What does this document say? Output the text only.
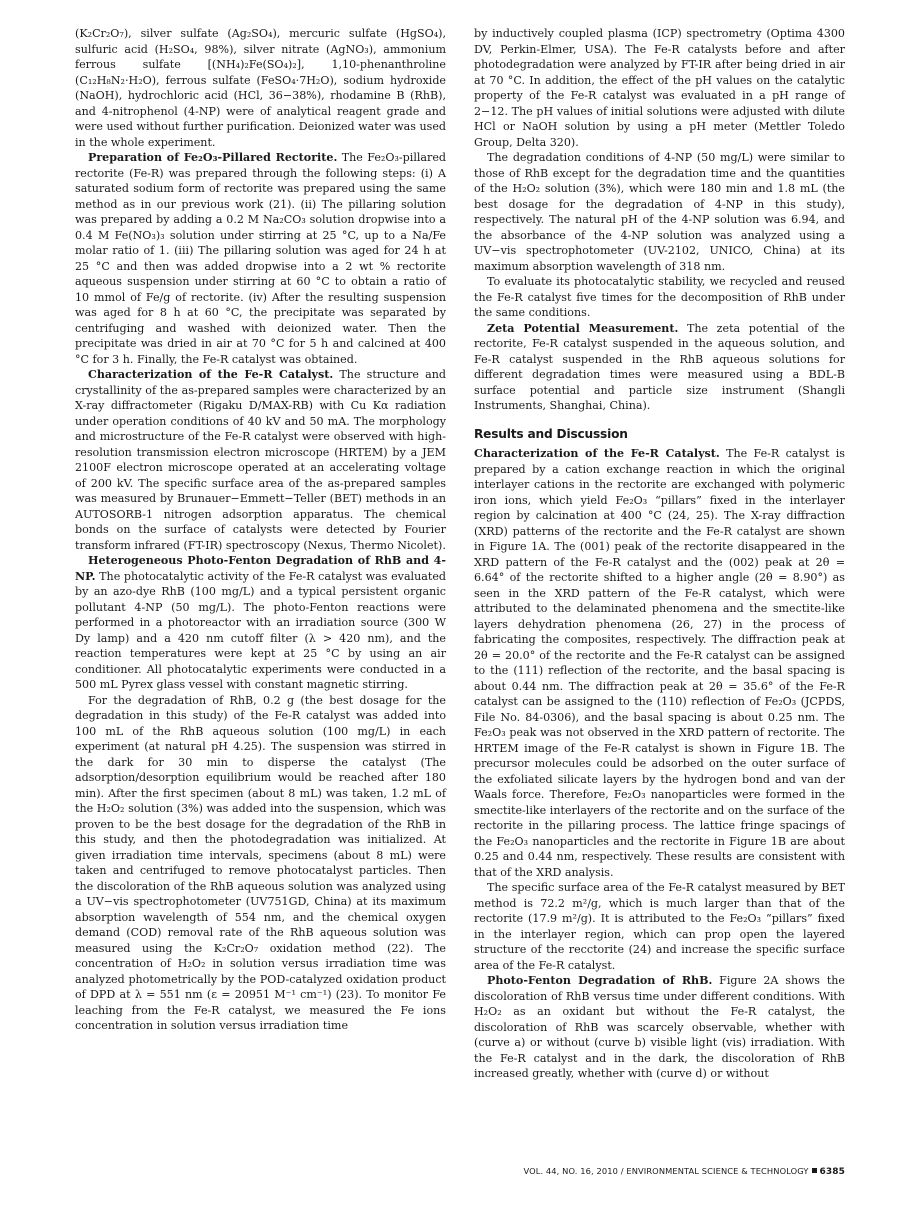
(K₂Cr₂O₇), silver sulfate (Ag₂SO₄), mercuric sulfate (HgSO₄), sulfuric acid (H₂SO₄, 98%), silver nitrate (AgNO₃), ammonium ferrous sulfate [(NH₄)₂Fe(SO₄)₂], 1,10-phenanthroline (C₁₂H₈N₂·H₂O), ferrous sulfate (FeSO₄·7H₂O), sodium hydroxide (NaOH), hydrochloric acid (HCl, 36−38%), rhodamine B (RhB), and 4-nitrophenol (4-NP) were of analytical reagent grade and were used without further purification. Deionized water was used in the whole experiment.

Preparation of Fe₂O₃-Pillared Rectorite. The Fe₂O₃-pillared rectorite (Fe-R) was prepared through the following steps: (i) A saturated sodium form of rectorite was prepared using the same method as in our previous work (21). (ii) The pillaring solution was prepared by adding a 0.2 M Na₂CO₃ solution dropwise into a 0.4 M Fe(NO₃)₃ solution under stirring at 25 °C, up to a Na/Fe molar ratio of 1. (iii) The pillaring solution was aged for 24 h at 25 °C and then was added dropwise into a 2 wt % rectorite aqueous suspension under stirring at 60 °C to obtain a ratio of 10 mmol of Fe/g of rectorite. (iv) After the resulting suspension was aged for 8 h at 60 °C, the precipitate was separated by centrifuging and washed with deionized water. Then the precipitate was dried in air at 70 °C for 5 h and calcined at 400 °C for 3 h. Finally, the Fe-R catalyst was obtained.

Characterization of the Fe-R Catalyst. The structure and crystallinity of the as-prepared samples were characterized by an X-ray diffractometer (Rigaku D/MAX-RB) with Cu Kα radiation under operation conditions of 40 kV and 50 mA. The morphology and microstructure of the Fe-R catalyst were observed with high-resolution transmission electron microscope (HRTEM) by a JEM 2100F electron microscope operated at an accelerating voltage of 200 kV. The specific surface area of the as-prepared samples was measured by Brunauer−Emmett−Teller (BET) methods in an AUTOSORB-1 nitrogen adsorption apparatus. The chemical bonds on the surface of catalysts were detected by Fourier transform infrared (FT-IR) spectroscopy (Nexus, Thermo Nicolet).

Heterogeneous Photo-Fenton Degradation of RhB and 4-NP. The photocatalytic activity of the Fe-R catalyst was evaluated by an azo-dye RhB (100 mg/L) and a typical persistent organic pollutant 4-NP (50 mg/L). The photo-Fenton reactions were performed in a photoreactor with an irradiation source (300 W Dy lamp) and a 420 nm cutoff filter (λ > 420 nm), and the reaction temperatures were kept at 25 °C by using an air conditioner. All photocatalytic experiments were conducted in a 500 mL Pyrex glass vessel with constant magnetic stirring.

For the degradation of RhB, 0.2 g (the best dosage for the degradation in this study) of the Fe-R catalyst was added into 100 mL of the RhB aqueous solution (100 mg/L) in each experiment (at natural pH 4.25). The suspension was stirred in the dark for 30 min to disperse the catalyst (The adsorption/desorption equilibrium would be reached after 180 min). After the first specimen (about 8 mL) was taken, 1.2 mL of the H₂O₂ solution (3%) was added into the suspension, which was proven to be the best dosage for the degradation of the RhB in this study, and then the photodegradation was initialized. At given irradiation time intervals, specimens (about 8 mL) were taken and centrifuged to remove photocatalyst particles. Then the discoloration of the RhB aqueous solution was analyzed using a UV−vis spectrophotometer (UV751GD, China) at its maximum absorption wavelength of 554 nm, and the chemical oxygen demand (COD) removal rate of the RhB aqueous solution was measured using the K₂Cr₂O₇ oxidation method (22). The concentration of H₂O₂ in solution versus irradiation time was analyzed photometrically by the POD-catalyzed oxidation product of DPD at λ = 551 nm (ε = 20951 M⁻¹ cm⁻¹) (23). To monitor Fe leaching from the Fe-R catalyst, we measured the Fe ions concentration in solution versus irradiation time

by inductively coupled plasma (ICP) spectrometry (Optima 4300 DV, Perkin-Elmer, USA). The Fe-R catalysts before and after photodegradation were analyzed by FT-IR after being dried in air at 70 °C. In addition, the effect of the pH values on the catalytic property of the Fe-R catalyst was evaluated in a pH range of 2−12. The pH values of initial solutions were adjusted with dilute HCl or NaOH solution by using a pH meter (Mettler Toledo Group, Delta 320).

The degradation conditions of 4-NP (50 mg/L) were similar to those of RhB except for the degradation time and the quantities of the H₂O₂ solution (3%), which were 180 min and 1.8 mL (the best dosage for the degradation of 4-NP in this study), respectively. The natural pH of the 4-NP solution was 6.94, and the absorbance of the 4-NP solution was analyzed using a UV−vis spectrophotometer (UV-2102, UNICO, China) at its maximum absorption wavelength of 318 nm.

To evaluate its photocatalytic stability, we recycled and reused the Fe-R catalyst five times for the decomposition of RhB under the same conditions.

Zeta Potential Measurement. The zeta potential of the rectorite, Fe-R catalyst suspended in the aqueous solution, and Fe-R catalyst suspended in the RhB aqueous solutions for different degradation times were measured using a BDL-B surface potential and particle size instrument (Shangli Instruments, Shanghai, China).

Results and Discussion

Characterization of the Fe-R Catalyst. The Fe-R catalyst is prepared by a cation exchange reaction in which the original interlayer cations in the rectorite are exchanged with polymeric iron ions, which yield Fe₂O₃ “pillars” fixed in the interlayer region by calcination at 400 °C (24, 25). The X-ray diffraction (XRD) patterns of the rectorite and the Fe-R catalyst are shown in Figure 1A. The (001) peak of the rectorite disappeared in the XRD pattern of the Fe-R catalyst and the (002) peak at 2θ = 6.64° of the rectorite shifted to a higher angle (2θ = 8.90°) as seen in the XRD pattern of the Fe-R catalyst, which were attributed to the delaminated phenomena and the smectite-like layers dehydration phenomena (26, 27) in the process of fabricating the composites, respectively. The diffraction peak at 2θ = 20.0° of the rectorite and the Fe-R catalyst can be assigned to the (111) reflection of the rectorite, and the basal spacing is about 0.44 nm. The diffraction peak at 2θ = 35.6° of the Fe-R catalyst can be assigned to the (110) reflection of Fe₂O₃ (JCPDS, File No. 84-0306), and the basal spacing is about 0.25 nm. The Fe₂O₃ peak was not observed in the XRD pattern of rectorite. The HRTEM image of the Fe-R catalyst is shown in Figure 1B. The precursor molecules could be adsorbed on the outer surface of the exfoliated silicate layers by the hydrogen bond and van der Waals force. Therefore, Fe₂O₃ nanoparticles were formed in the smectite-like interlayers of the rectorite and on the surface of the rectorite in the pillaring process. The lattice fringe spacings of the Fe₂O₃ nanoparticles and the rectorite in Figure 1B are about 0.25 and 0.44 nm, respectively. These results are consistent with that of the XRD analysis.

The specific surface area of the Fe-R catalyst measured by BET method is 72.2 m²/g, which is much larger than that of the rectorite (17.9 m²/g). It is attributed to the Fe₂O₃ “pillars” fixed in the interlayer region, which can prop open the layered structure of the recctorite (24) and increase the specific surface area of the Fe-R catalyst.

Photo-Fenton Degradation of RhB. Figure 2A shows the discoloration of RhB versus time under different conditions. With H₂O₂ as an oxidant but without the Fe-R catalyst, the discoloration of RhB was scarcely observable, whether with (curve a) or without (curve b) visible light (vis) irradiation. With the Fe-R catalyst and in the dark, the discoloration of RhB increased greatly, whether with (curve d) or without

VOL. 44, NO. 16, 2010 / ENVIRONMENTAL SCIENCE & TECHNOLOGY 6385
